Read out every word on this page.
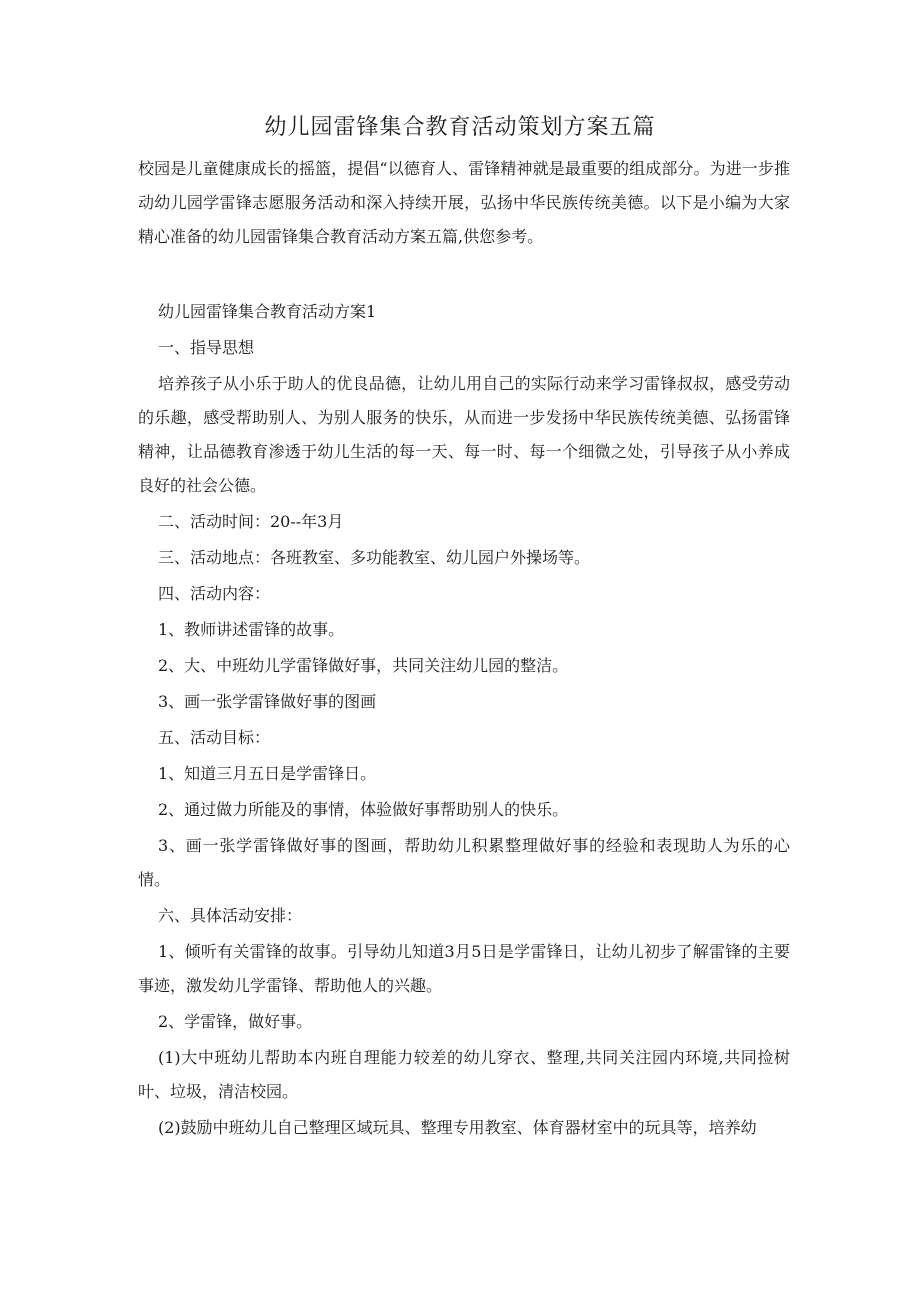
幼儿园雷锋集合教育活动策划方案五篇

校园是儿童健康成长的摇篮，提倡“以德育人、雷锋精神就是最重要的组成部分。为进一步推动幼儿园学雷锋志愿服务活动和深入持续开展，弘扬中华民族传统美德。以下是小编为大家精心准备的幼儿园雷锋集合教育活动方案五篇,供您参考。

幼儿园雷锋集合教育活动方案1

一、指导思想

培养孩子从小乐于助人的优良品德，让幼儿用自己的实际行动来学习雷锋叔叔，感受劳动的乐趣，感受帮助别人、为别人服务的快乐，从而进一步发扬中华民族传统美德、弘扬雷锋精神，让品德教育渗透于幼儿生活的每一天、每一时、每一个细微之处，引导孩子从小养成良好的社会公德。

二、活动时间：20--年3月

三、活动地点：各班教室、多功能教室、幼儿园户外操场等。

四、活动内容：

1、教师讲述雷锋的故事。

2、大、中班幼儿学雷锋做好事，共同关注幼儿园的整洁。

3、画一张学雷锋做好事的图画

五、活动目标：

1、知道三月五日是学雷锋日。

2、通过做力所能及的事情，体验做好事帮助别人的快乐。

3、画一张学雷锋做好事的图画，帮助幼儿积累整理做好事的经验和表现助人为乐的心情。

六、具体活动安排：

1、倾听有关雷锋的故事。引导幼儿知道3月5日是学雷锋日，让幼儿初步了解雷锋的主要事迹，激发幼儿学雷锋、帮助他人的兴趣。

2、学雷锋，做好事。

(1)大中班幼儿帮助本内班自理能力较差的幼儿穿衣、整理,共同关注园内环境,共同捡树叶、垃圾，清洁校园。

(2)鼓励中班幼儿自己整理区域玩具、整理专用教室、体育器材室中的玩具等，培养幼
